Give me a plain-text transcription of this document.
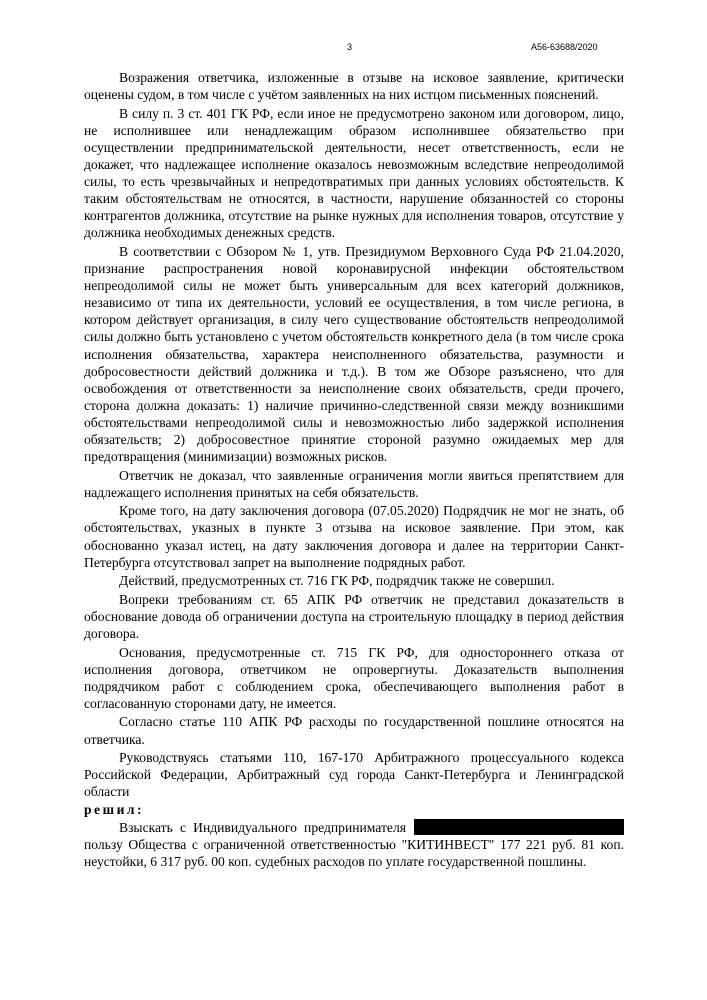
3	А56-63688/2020

Возражения ответчика, изложенные в отзыве на исковое заявление, критически оценены судом, в том числе с учётом заявленных на них истцом письменных пояснений.

В силу п. 3 ст. 401 ГК РФ, если иное не предусмотрено законом или договором, лицо, не исполнившее или ненадлежащим образом исполнившее обязательство при осуществлении предпринимательской деятельности, несет ответственность, если не докажет, что надлежащее исполнение оказалось невозможным вследствие непреодолимой силы, то есть чрезвычайных и непредотвратимых при данных условиях обстоятельств. К таким обстоятельствам не относятся, в частности, нарушение обязанностей со стороны контрагентов должника, отсутствие на рынке нужных для исполнения товаров, отсутствие у должника необходимых денежных средств.

В соответствии с Обзором № 1, утв. Президиумом Верховного Суда РФ 21.04.2020, признание распространения новой коронавирусной инфекции обстоятельством непреодолимой силы не может быть универсальным для всех категорий должников, независимо от типа их деятельности, условий ее осуществления, в том числе региона, в котором действует организация, в силу чего существование обстоятельств непреодолимой силы должно быть установлено с учетом обстоятельств конкретного дела (в том числе срока исполнения обязательства, характера неисполненного обязательства, разумности и добросовестности действий должника и т.д.). В том же Обзоре разъяснено, что для освобождения от ответственности за неисполнение своих обязательств, среди прочего, сторона должна доказать: 1) наличие причинно-следственной связи между возникшими обстоятельствами непреодолимой силы и невозможностью либо задержкой исполнения обязательств; 2) добросовестное принятие стороной разумно ожидаемых мер для предотвращения (минимизации) возможных рисков.

Ответчик не доказал, что заявленные ограничения могли явиться препятствием для надлежащего исполнения принятых на себя обязательств.

Кроме того, на дату заключения договора (07.05.2020) Подрядчик не мог не знать, об обстоятельствах, указных в пункте 3 отзыва на исковое заявление. При этом, как обоснованно указал истец, на дату заключения договора и далее на территории Санкт-Петербурга отсутствовал запрет на выполнение подрядных работ.

Действий, предусмотренных ст. 716 ГК РФ, подрядчик также не совершил.

Вопреки требованиям ст. 65 АПК РФ ответчик не представил доказательств в обоснование довода об ограничении доступа на строительную площадку в период действия договора.

Основания, предусмотренные ст. 715 ГК РФ, для одностороннего отказа от исполнения договора, ответчиком не опровергнуты. Доказательств выполнения подрядчиком работ с соблюдением срока, обеспечивающего выполнения работ в согласованную сторонами дату, не имеется.

Согласно статье 110 АПК РФ расходы по государственной пошлине относятся на ответчика.

Руководствуясь статьями 110, 167-170 Арбитражного процессуального кодекса Российской Федерации, Арбитражный суд города Санкт-Петербурга и Ленинградской области

решил:

Взыскать с Индивидуального предпринимателя пользу Общества с ограниченной ответственностью "КИТИНВЕСТ" 177 221 руб. 81 коп. неустойки, 6 317 руб. 00 коп. судебных расходов по уплате государственной пошлины.
